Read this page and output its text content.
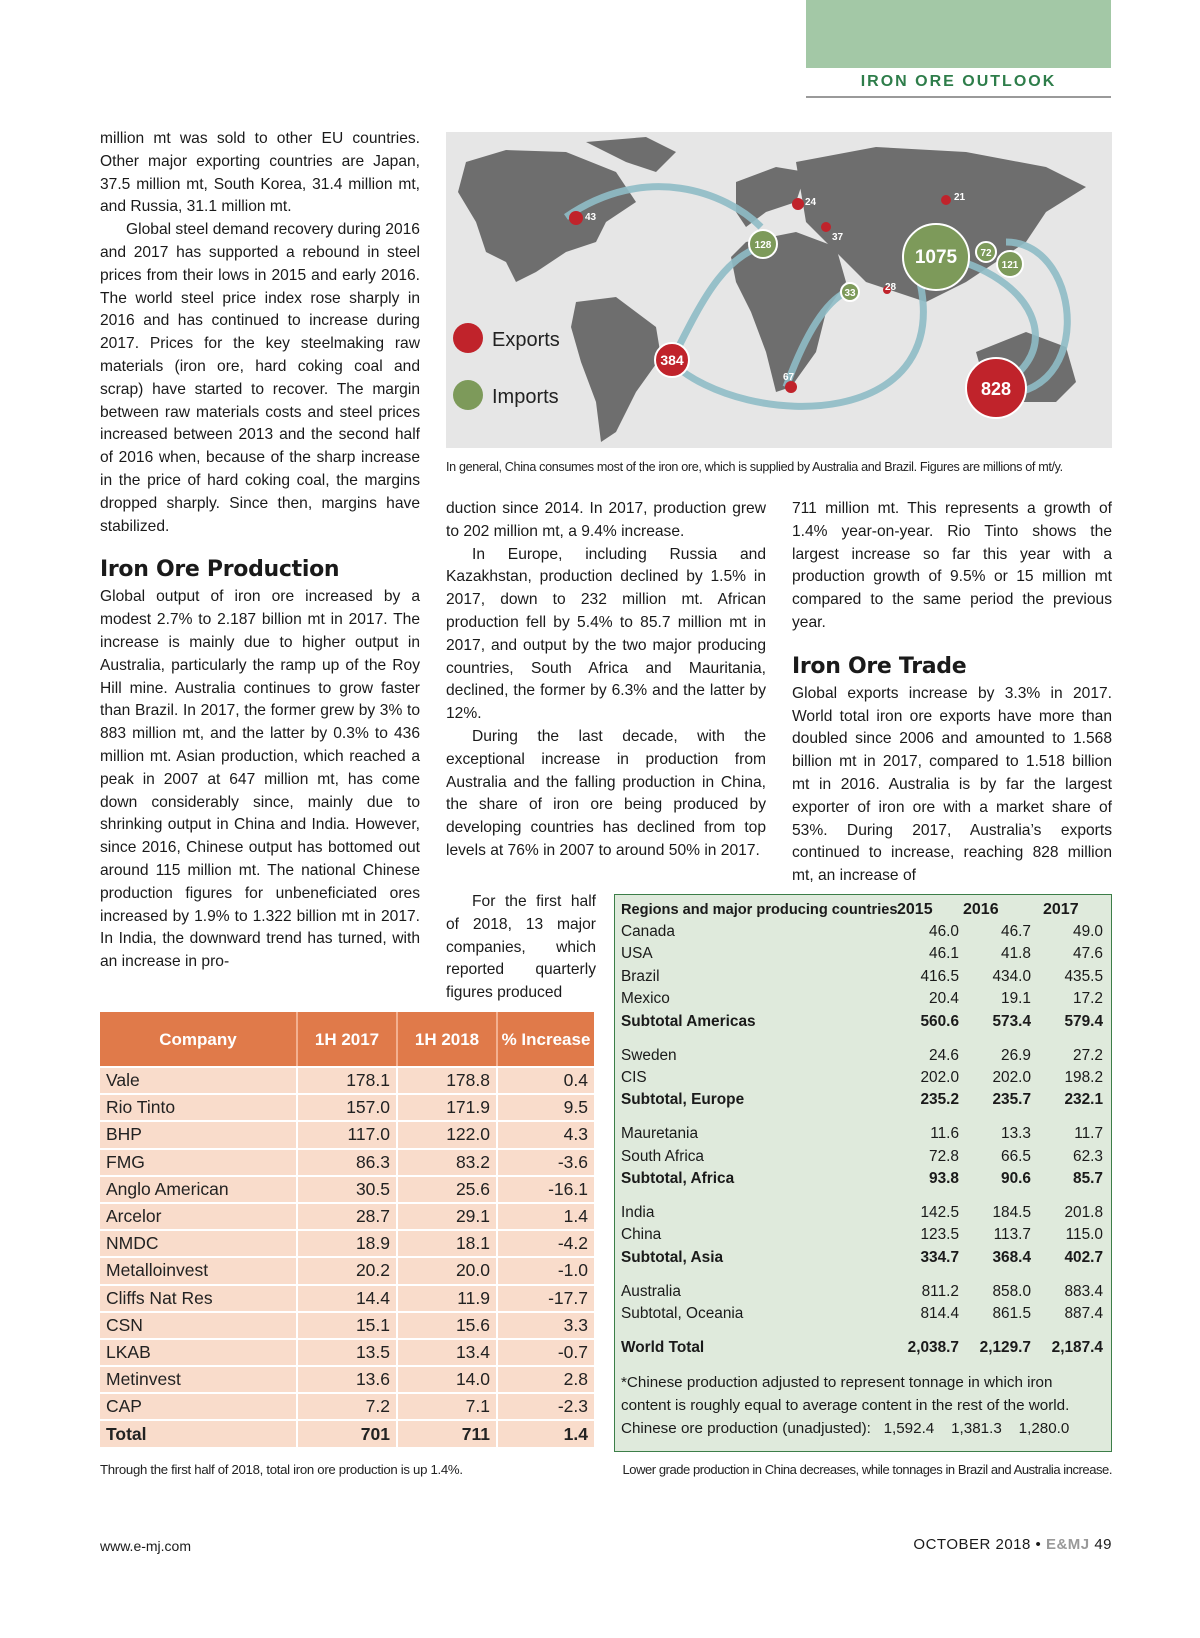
IRON ORE OUTLOOK

million mt was sold to other EU countries. Other major exporting countries are Japan, 37.5 million mt, South Korea, 31.4 million mt, and Russia, 31.1 million mt.

Global steel demand recovery during 2016 and 2017 has supported a rebound in steel prices from their lows in 2015 and early 2016. The world steel price index rose sharply in 2016 and has continued to increase during 2017. Prices for the key steelmaking raw materials (iron ore, hard coking coal and scrap) have started to recover. The margin between raw materials costs and steel prices increased between 2013 and the second half of 2016 when, because of the sharp increase in the price of hard coking coal, the margins dropped sharply. Since then, margins have stabilized.

Iron Ore Production

Global output of iron ore increased by a modest 2.7% to 2.187 billion mt in 2017. The increase is mainly due to higher output in Australia, particularly the ramp up of the Roy Hill mine. Australia continues to grow faster than Brazil. In 2017, the former grew by 3% to 883 million mt, and the latter by 0.3% to 436 million mt. Asian production, which reached a peak in 2007 at 647 million mt, has come down considerably since, mainly due to shrinking output in China and India. However, since 2016, Chinese output has bottomed out around 115 million mt. The national Chinese production figures for unbeneficiated ores increased by 1.9% to 1.322 billion mt in 2017. In India, the downward trend has turned, with an increase in pro-

1075
828
384
128
72
121
33
43
24
37
28
21
67
Exports
Imports
In general, China consumes most of the iron ore, which is supplied by Australia and Brazil. Figures are millions of mt/y.

duction since 2014. In 2017, production grew to 202 million mt, a 9.4% increase.

In Europe, including Russia and Kazakhstan, production declined by 1.5% in 2017, down to 232 million mt. African production fell by 5.4% to 85.7 million mt in 2017, and output by the two major producing countries, South Africa and Mauritania, declined, the former by 6.3% and the latter by 12%.

During the last decade, with the exceptional increase in production from Australia and the falling production in China, the share of iron ore being produced by developing countries has declined from top levels at 76% in 2007 to around 50% in 2017.

For the first half of 2018, 13 major companies, which reported quarterly figures produced

711 million mt. This represents a growth of 1.4% year-on-year. Rio Tinto shows the largest increase so far this year with a production growth of 9.5% or 15 million mt compared to the same period the previous year.

Iron Ore Trade

Global exports increase by 3.3% in 2017. World total iron ore exports have more than doubled since 2006 and amounted to 1.568 billion mt in 2017, compared to 1.518 billion mt in 2016. Australia is by far the largest exporter of iron ore with a market share of 53%. During 2017, Australia’s exports continued to increase, reaching 828 million mt, an increase of

Company	1H 2017	1H 2018	% Increase
Vale	178.1	178.8	0.4
Rio Tinto	157.0	171.9	9.5
BHP	117.0	122.0	4.3
FMG	86.3	83.2	-3.6
Anglo American	30.5	25.6	-16.1
Arcelor	28.7	29.1	1.4
NMDC	18.9	18.1	-4.2
Metalloinvest	20.2	20.0	-1.0
Cliffs Nat Res	14.4	11.9	-17.7
CSN	15.1	15.6	3.3
LKAB	13.5	13.4	-0.7
Metinvest	13.6	14.0	2.8
CAP	7.2	7.1	-2.3
Total	701	711	1.4
Through the first half of 2018, total iron ore production is up 1.4%.
Regions and major producing countries 2015	2016	2017
Canada	46.0	46.7	49.0
USA	46.1	41.8	47.6
Brazil	416.5	434.0	435.5
Mexico	20.4	19.1	17.2
Subtotal Americas	560.6	573.4	579.4
Sweden	24.6	26.9	27.2
CIS	202.0	202.0	198.2
Subtotal, Europe	235.2	235.7	232.1
Mauretania	11.6	13.3	11.7
South Africa	72.8	66.5	62.3
Subtotal, Africa	93.8	90.6	85.7
India	142.5	184.5	201.8
China	123.5	113.7	115.0
Subtotal, Asia	334.7	368.4	402.7
Australia	811.2	858.0	883.4
Subtotal, Oceania	814.4	861.5	887.4
World Total	2,038.7	2,129.7	2,187.4

*Chinese production adjusted to represent tonnage in which iron content is roughly equal to average content in the rest of the world.

Chinese ore production (unadjusted):   1,592.4    1,381.3    1,280.0

Lower grade production in China decreases, while tonnages in Brazil and Australia increase.
www.e-mj.com	OCTOBER 2018 • E&MJ 49
